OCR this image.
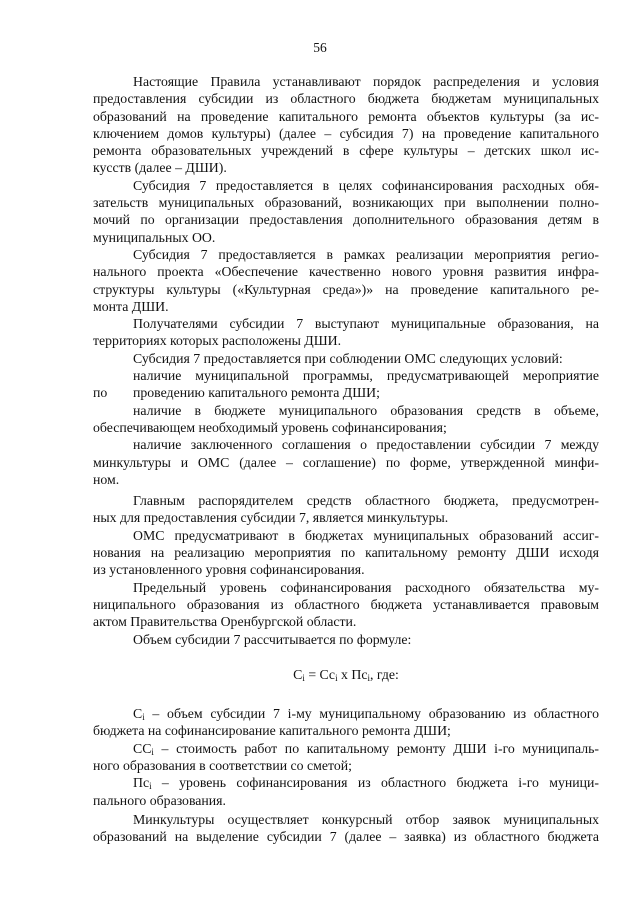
56

Настоящие Правила устанавливают порядок распределения и условия
предоставления субсидии из областного бюджета бюджетам муниципальных
образований на проведение капитального ремонта объектов культуры (за ис-
ключением домов культуры) (далее – субсидия 7) на проведение капитального
ремонта образовательных учреждений в сфере культуры – детских школ ис-
кусств (далее – ДШИ).

Субсидия 7 предоставляется в целях софинансирования расходных обя-
зательств муниципальных образований, возникающих при выполнении полно-
мочий по организации предоставления дополнительного образования детям в
муниципальных ОО.

Субсидия 7 предоставляется в рамках реализации мероприятия регио-
нального проекта «Обеспечение качественно нового уровня развития инфра-
структуры культуры («Культурная среда»)» на проведение капитального ре-
монта ДШИ.

Получателями субсидии 7 выступают муниципальные образования, на
территориях которых расположены ДШИ.

Субсидия 7 предоставляется при соблюдении ОМС следующих условий:

наличие муниципальной программы, предусматривающей мероприятие
по	проведению капитального ремонта ДШИ;

наличие в бюджете муниципального образования средств в объеме,
обеспечивающем необходимый уровень софинансирования;

наличие заключенного соглашения о предоставлении субсидии 7 между
минкультуры и ОМС (далее – соглашение) по форме, утвержденной минфи-
ном.

Главным распорядителем средств областного бюджета, предусмотрен-
ных для предоставления субсидии 7, является минкультуры.

ОМС предусматривают в бюджетах муниципальных образований ассиг-
нования на реализацию мероприятия по капитальному ремонту ДШИ исходя
из установленного уровня софинансирования.

Предельный уровень софинансирования расходного обязательства му-
ниципального образования из областного бюджета устанавливается правовым
актом Правительства Оренбургской области.

Объем субсидии 7 рассчитывается по формуле:

$С_i = Сс_i$ х $Пс_i$, где:

$С_i$ – объем субсидии 7 i-му муниципальному образованию из областного
бюджета на софинансирование капитального ремонта ДШИ;

$СС_i$ – стоимость работ по капитальному ремонту ДШИ i-го муниципаль-
ного образования в соответствии со сметой;

$Пс_i$ – уровень софинансирования из областного бюджета i-го муници-
пального образования.

Минкультуры осуществляет конкурсный отбор заявок муниципальных
образований на выделение субсидии 7 (далее – заявка) из областного бюджета
